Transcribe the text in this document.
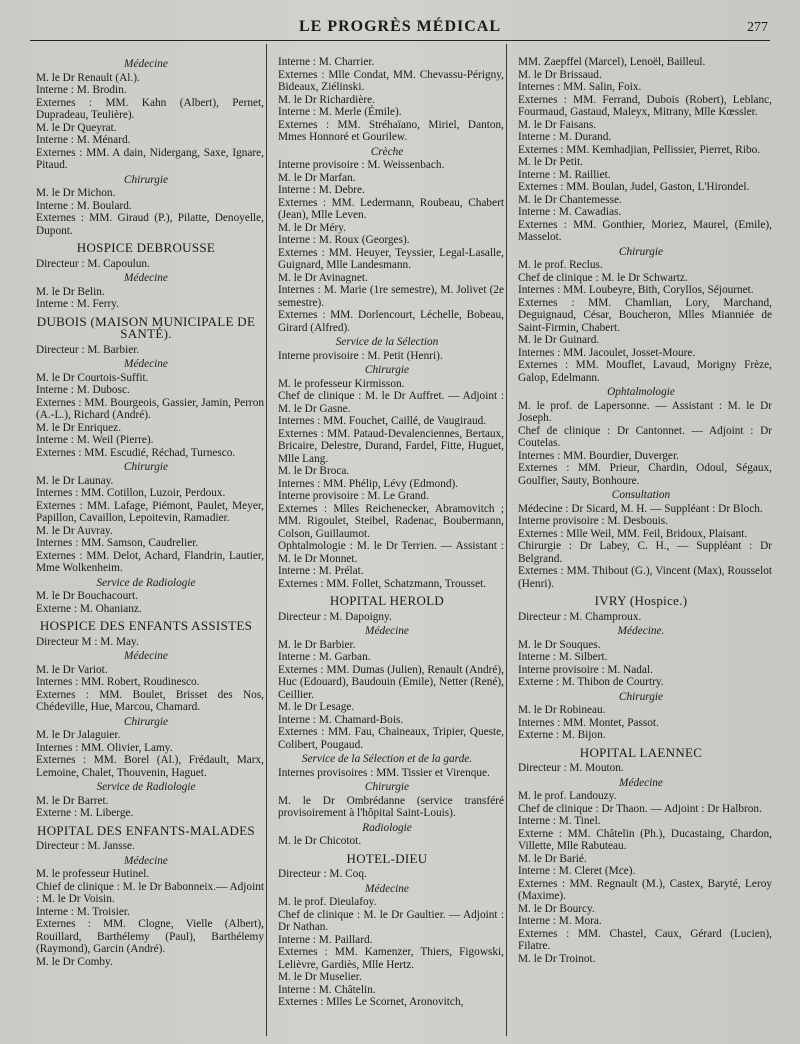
LE PROGRÈS MÉDICAL	277
Médecine
M. le Dr Renault (Al.).
Interne : M. Brodin.
Externes : MM. Kahn (Albert), Pernet, Dupradeau, Teulière).
M. le Dr Queyrat.
Interne : M. Ménard.
Externes : MM. A dain, Nidergang, Saxe, Ignare, Pitaud.
Chirurgie
M. le Dr Michon.
Interne : M. Boulard.
Externes : MM. Giraud (P.), Pilatte, Denoyelle, Dupont.
HOSPICE DEBROUSSE
Directeur : M. Capoulun.
Médecine
M. le Dr Belin.
Interne : M. Ferry.
DUBOIS (MAISON MUNICIPALE DE SANTÉ).
Directeur : M. Barbier.
Médecine
M. le Dr Courtois-Suffit.
Interne : M. Dubosc.
Externes : MM. Bourgeois, Gassier, Jamin, Perron (A.-L.), Richard (André).
M. le Dr Enriquez.
Interne : M. Weil (Pierre).
Externes : MM. Escudié, Réchad, Turnesco.
Chirurgie
M. le Dr Launay.
Internes : MM. Cotillon, Luzoir, Perdoux.
Externes : MM. Lafage, Piémont, Paulet, Meyer, Papillon, Cavaillon, Lepoitevin, Ramadier.
M. le Dr Auvray.
Internes : MM. Samson, Caudrelier.
Externes : MM. Delot, Achard, Flandrin, Lautier, Mme Wolkenheim.
Service de Radiologie
M. le Dr Bouchacourt.
Externe : M. Ohanianz.
HOSPICE DES ENFANTS ASSISTES
Directeur M : M. May.
Médecine
M. le Dr Variot.
Internes : MM. Robert, Roudinesco.
Externes : MM. Boulet, Brisset des Nos, Chédeville, Hue, Marcou, Chamard.
Chirurgie
M. le Dr Jalaguier.
Internes : MM. Olivier, Lamy.
Externes : MM. Borel (Al.), Frédault, Marx, Lemoine, Chalet, Thouvenin, Haguet.
Service de Radiologie
M. le Dr Barret.
Externe : M. Liberge.
HOPITAL DES ENFANTS-MALADES
Directeur : M. Jansse.
Médecine
M. le professeur Hutinel.
Chief de clinique : M. le Dr Babonneix.— Adjoint : M. le Dr Voisin.
Interne : M. Troisier.
Externes : MM. Clogne, Vielle (Albert), Rouillard, Barthélemy (Paul), Barthélemy (Raymond), Garcin (André).
M. le Dr Comby.
Interne : M. Charrier.
Externes : Mlle Condat, MM. Chevassu-Périgny, Bideaux, Ziélinski.
M. le Dr Richardière.
Interne : M. Merle (Émile).
Externes : MM. Stréhaïano, Miriel, Danton, Mmes Honnoré et Gourilew.
Crèche
Interne provisoire : M. Weissenbach.
M. le Dr Marfan.
Interne : M. Debre.
Externes : MM. Ledermann, Roubeau, Chabert (Jean), Mlle Leven.
M. le Dr Méry.
Interne : M. Roux (Georges).
Externes : MM. Heuyer, Teyssier, Legal-Lasalle, Guignard, Mlle Landesmann.
M. le Dr Avinagnet.
Internes : M. Marie (1re semestre), M. Jolivet (2e semestre).
Externes : MM. Dorlencourt, Léchelle, Bobeau, Girard (Alfred).
Service de la Sélection
Interne provisoire : M. Petit (Henri).
Chirurgie
M. le professeur Kirmisson.
Chef de clinique : M. le Dr Auffret. — Adjoint : M. le Dr Gasne.
Internes : MM. Fouchet, Caillé, de Vaugiraud.
Externes : MM. Pataud-Devalenciennes, Bertaux, Bricaire, Delestre, Durand, Fardel, Fitte, Huguet, Mlle Lang.
M. le Dr Broca.
Internes : MM. Phélip, Lévy (Edmond).
Interne provisoire : M. Le Grand.
Externes : Mlles Reichenecker, Abramovitch ; MM. Rigoulet, Steibel, Radenac, Boubermann, Colson, Guillaumot.
Ophtalmologie : M. le Dr Terrien. — Assistant : M. le Dr Monnet.
Interne : M. Prélat.
Externes : MM. Follet, Schatzmann, Trousset.
HOPITAL HEROLD
Directeur : M. Dapoigny.
Médecine
M. le Dr Barbier.
Interne : M. Garban.
Externes : MM. Dumas (Julien), Renault (André), Huc (Edouard), Baudouin (Emile), Netter (René), Ceillier.
M. le Dr Lesage.
Interne : M. Chamard-Bois.
Externes : MM. Fau, Chaineaux, Tripier, Queste, Colibert, Pougaud.
Service de la Sélection et de la garde.
Internes provisoires : MM. Tissier et Virenque.
Chirurgie
M. le Dr Ombrédanne (service transféré provisoirement à l'hôpital Saint-Louis).
Radiologie
M. le Dr Chicotot.
HOTEL-DIEU
Directeur : M. Coq.
Médecine
M. le prof. Dieulafoy.
Chef de clinique : M. le Dr Gaultier. — Adjoint : Dr Nathan.
Interne : M. Paillard.
Externes : MM. Kamenzer, Thiers, Figowski, Lelièvre, Gardiès, Mlle Hertz.
M. le Dr Muselier.
Interne : M. Châtelin.
Externes : Mlles Le Scornet, Aronovitch,
MM. Zaepffel (Marcel), Lenoël, Bailleul.
M. le Dr Brissaud.
Internes : MM. Salin, Foix.
Externes : MM. Ferrand, Dubois (Robert), Leblanc, Fourmaud, Gastaud, Maleyx, Mitrany, Mlle Kœssler.
M. le Dr Faisans.
Interne : M. Durand.
Externes : MM. Kemhadjian, Pellissier, Pierret, Ribo.
M. le Dr Petit.
Interne : M. Railliet.
Externes : MM. Boulan, Judel, Gaston, L'Hirondel.
M. le Dr Chantemesse.
Interne : M. Cawadias.
Externes : MM. Gonthier, Moriez, Maurel, (Emile), Masselot.
Chirurgie
M. le prof. Reclus.
Chef de clinique : M. le Dr Schwartz.
Internes : MM. Loubeyre, Bith, Coryllos, Séjournet.
Externes : MM. Chamlian, Lory, Marchand, Deguignaud, César, Boucheron, Mlles Mianniée de Saint-Firmin, Chabert.
M. le Dr Guinard.
Internes : MM. Jacoulet, Josset-Moure.
Externes : MM. Mouflet, Lavaud, Morigny Frèze, Galop, Edelmann.
Ophtalmologie
M. le prof. de Lapersonne. — Assistant : M. le Dr Joseph.
Chef de clinique : Dr Cantonnet. — Adjoint : Dr Coutelas.
Internes : MM. Bourdier, Duverger.
Externes : MM. Prieur, Chardin, Odoul, Ségaux, Goulfier, Sauty, Bonhoure.
Consultation
Médecine : Dr Sicard, M. H. — Suppléant : Dr Bloch.
Interne provisoire : M. Desbouis.
Externes : Mlle Weil, MM. Feil, Bridoux, Plaisant.
Chirurgie : Dr Labey, C. H., — Suppléant : Dr Belgrand.
Externes : MM. Thibout (G.), Vincent (Max), Rousselot (Henri).
IVRY (Hospice.)
Directeur : M. Champroux.
Médecine.
M. le Dr Souques.
Interne : M. Silbert.
Interne provisoire : M. Nadal.
Externe : M. Thibon de Courtry.
Chirurgie
M. le Dr Robineau.
Internes : MM. Montet, Passot.
Externe : M. Bijon.
HOPITAL LAENNEC
Directeur : M. Mouton.
Médecine
M. le prof. Landouzy.
Chef de clinique : Dr Thaon. — Adjoint : Dr Halbron.
Interne : M. Tinel.
Externe : MM. Châtelin (Ph.), Ducastaing, Chardon, Villette, Mlle Rabuteau.
M. le Dr Barié.
Interne : M. Cleret (Mce).
Externes : MM. Regnault (M.), Castex, Baryté, Leroy (Maxime).
M. le Dr Bourcy.
Interne : M. Mora.
Externes : MM. Chastel, Caux, Gérard (Lucien), Filatre.
M. le Dr Troinot.
